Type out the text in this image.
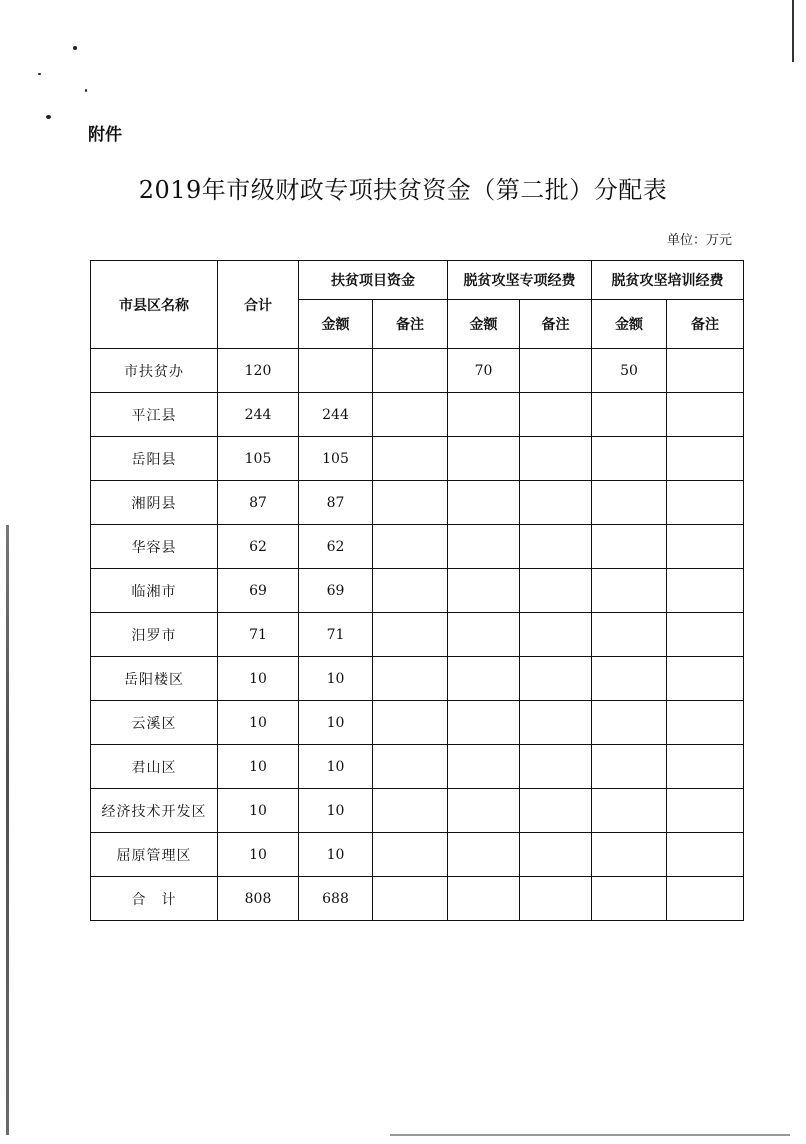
附件
2019年市级财政专项扶贫资金（第二批）分配表
单位：万元
市县区名称	合计	扶贫项目资金		脱贫攻坚专项经费		脱贫攻坚培训经费	
		金额	备注	金额	备注	金额	备注
市扶贫办	120			70		50	
平江县	244	244					
岳阳县	105	105					
湘阴县	87	87					
华容县	62	62					
临湘市	69	69					
汨罗市	71	71					
岳阳楼区	10	10					
云溪区	10	10					
君山区	10	10					
经济技术开发区	10	10					
屈原管理区	10	10					
合　计	808	688					
